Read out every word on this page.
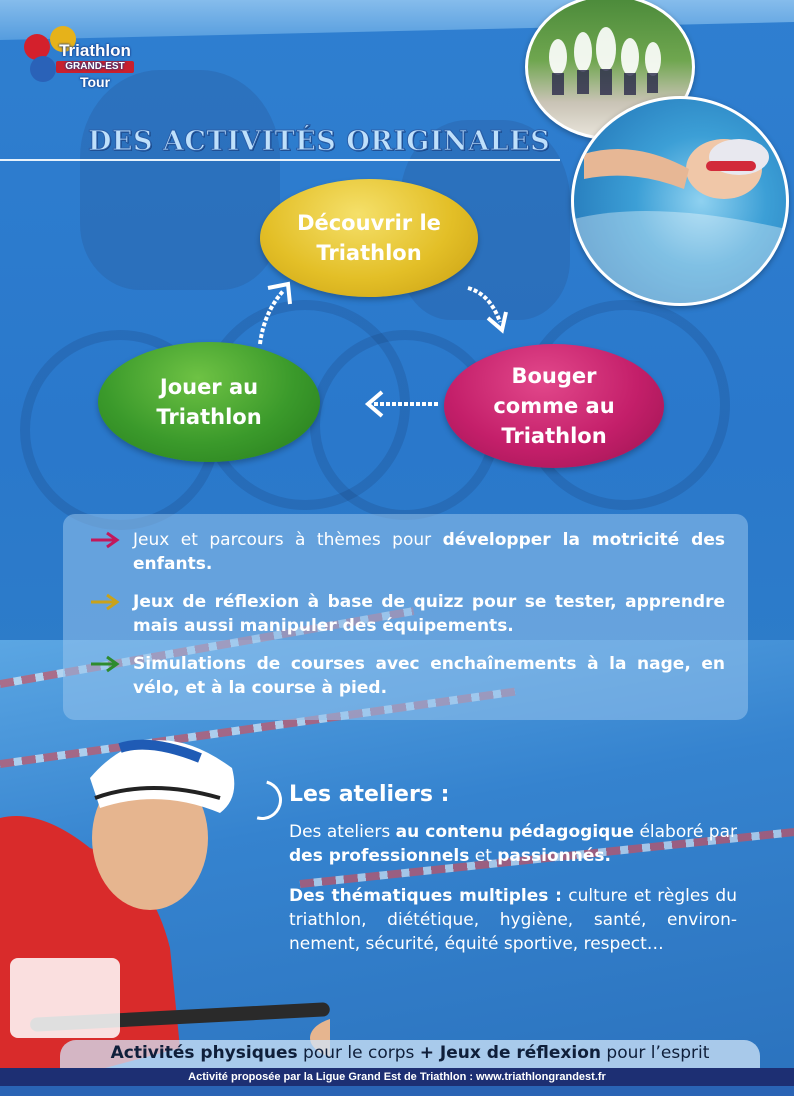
Triathlon
GRAND-EST
Tour
DES ACTIVITÉS ORIGINALES
Découvrir le Triathlon
Bouger comme au Triathlon
Jouer au Triathlon
Jeux et parcours à thèmes pour développer la motricité des enfants.
Jeux de réflexion à base de quizz pour se tester, apprendre mais aussi manipuler des équipements.
Simulations de courses avec enchaînements à la nage, en vélo, et à la course à pied.
Les ateliers :

Des ateliers au contenu pédagogique élaboré par des professionnels et passionnés.

Des thématiques multiples : culture et règles du triathlon, diététique, hygiène, santé, environ-nement, sécurité, équité sportive, respect…

Activités physiques pour le corps + Jeux de réflexion pour l’esprit

Activité proposée par la Ligue Grand Est de Triathlon : www.triathlongrandest.fr
